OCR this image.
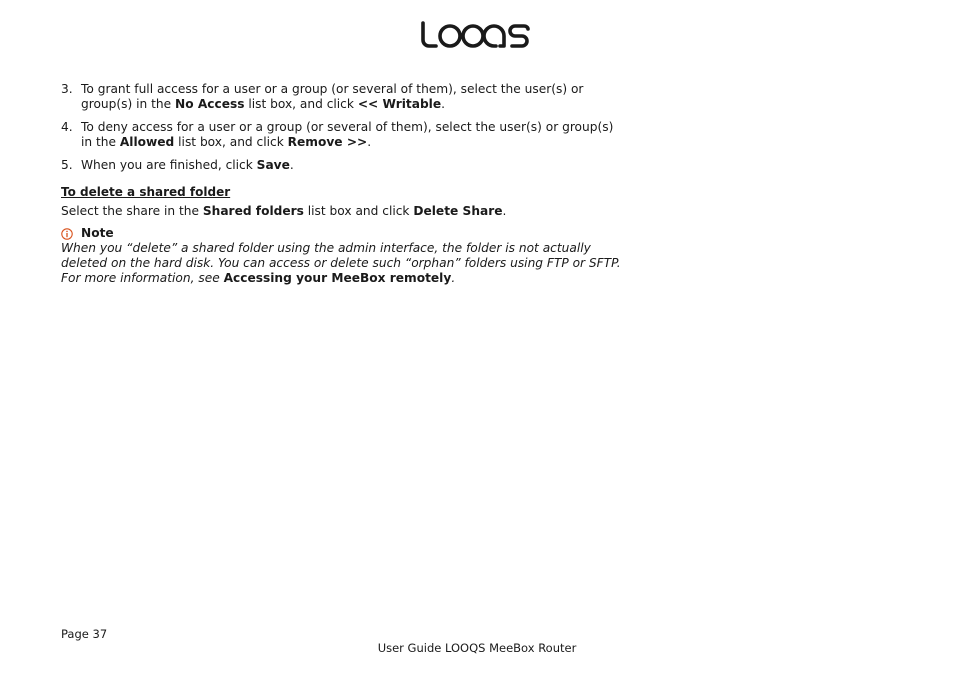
LOOQS
3. To grant full access for a user or a group (or several of them), select the user(s) or group(s) in the No Access list box, and click << Writable.
4. To deny access for a user or a group (or several of them), select the user(s) or group(s) in the Allowed list box, and click Remove >>.
5. When you are finished, click Save.
To delete a shared folder
Select the share in the Shared folders list box and click Delete Share.
Note
When you “delete” a shared folder using the admin interface, the folder is not actually deleted on the hard disk. You can access or delete such “orphan” folders using FTP or SFTP. For more information, see Accessing your MeeBox remotely.
Page 37
User Guide LOOQS MeeBox Router
